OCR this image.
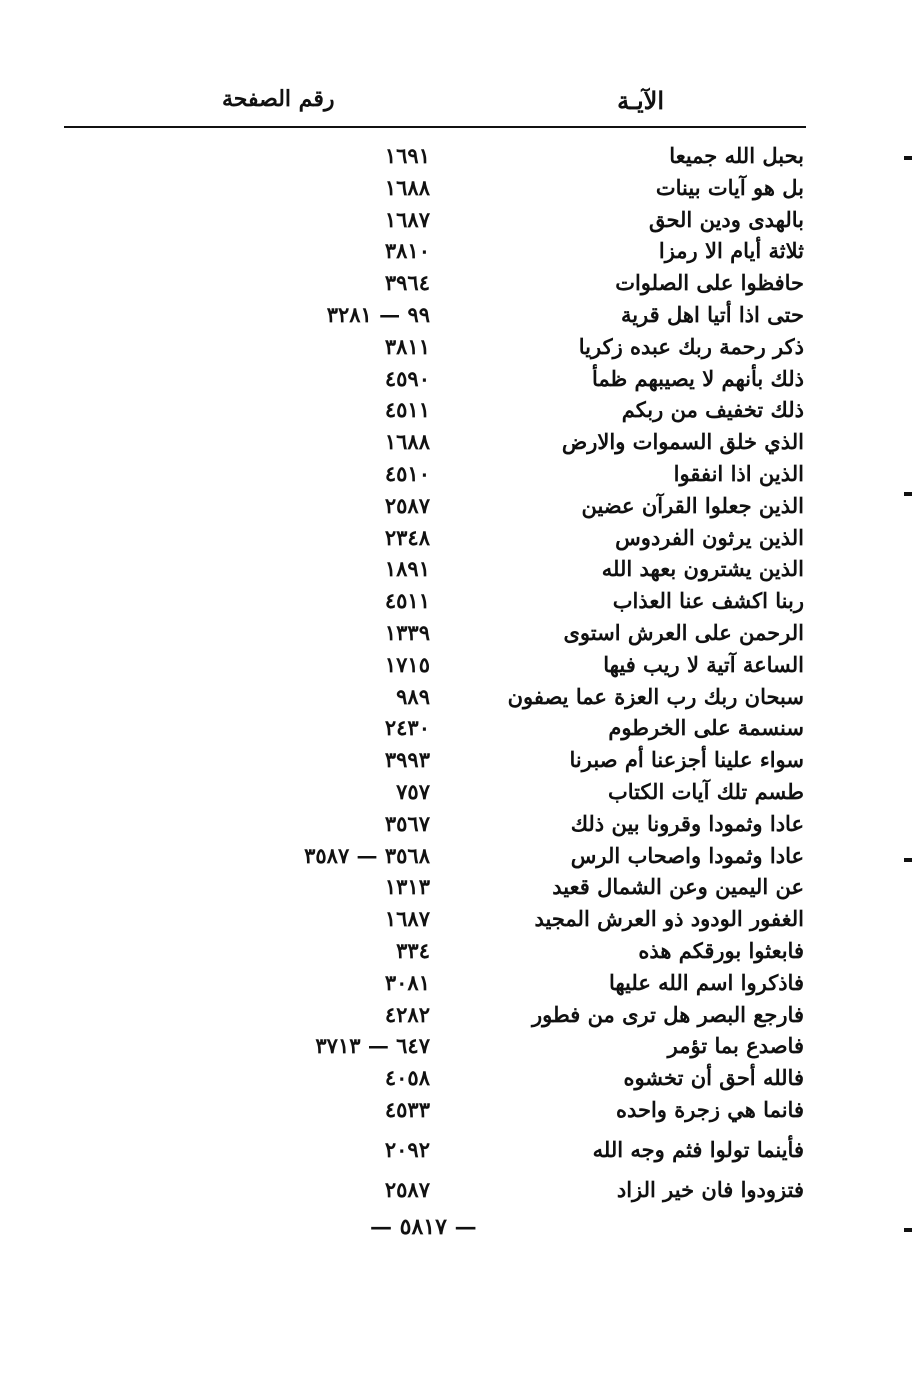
الآيـة
رقم الصفحة
بحبل الله جميعا
١٦٩١
بل هو آيات بينات
١٦٨٨
بالهدى ودين الحق
١٦٨٧
ثلاثة أيام الا رمزا
٣٨١٠
حافظوا على الصلوات
٣٩٦٤
حتى اذا أتيا اهل قرية
٩٩ — ٣٢٨١
ذكر رحمة ربك عبده زكريا
٣٨١١
ذلك بأنهم لا يصيبهم ظمأ
٤٥٩٠
ذلك تخفيف من ربكم
٤٥١١
الذي خلق السموات والارض
١٦٨٨
الذين اذا انفقوا
٤٥١٠
الذين جعلوا القرآن عضين
٢٥٨٧
الذين يرثون الفردوس
٢٣٤٨
الذين يشترون بعهد الله
١٨٩١
ربنا اكشف عنا العذاب
٤٥١١
الرحمن على العرش استوى
١٣٣٩
الساعة آتية لا ريب فيها
١٧١٥
سبحان ربك رب العزة عما يصفون
٩٨٩
سنسمة على الخرطوم
٢٤٣٠
سواء علينا أجزعنا أم صبرنا
٣٩٩٣
طسم تلك آيات الكتاب
٧٥٧
عادا وثمودا وقرونا بين ذلك
٣٥٦٧
عادا وثمودا واصحاب الرس
٣٥٦٨ — ٣٥٨٧
عن اليمين وعن الشمال قعيد
١٣١٣
الغفور الودود ذو العرش المجيد
١٦٨٧
فابعثوا بورقكم هذه
٣٣٤
فاذكروا اسم الله عليها
٣٠٨١
فارجع البصر هل ترى من فطور
٤٢٨٢
فاصدع بما تؤمر
٦٤٧ — ٣٧١٣
فالله أحق أن تخشوه
٤٠٥٨
فانما هي زجرة واحده
٤٥٣٣
فأينما تولوا فثم وجه الله
٢٠٩٢
فتزودوا فان خير الزاد
٢٥٨٧
— ٥٨١٧ —
